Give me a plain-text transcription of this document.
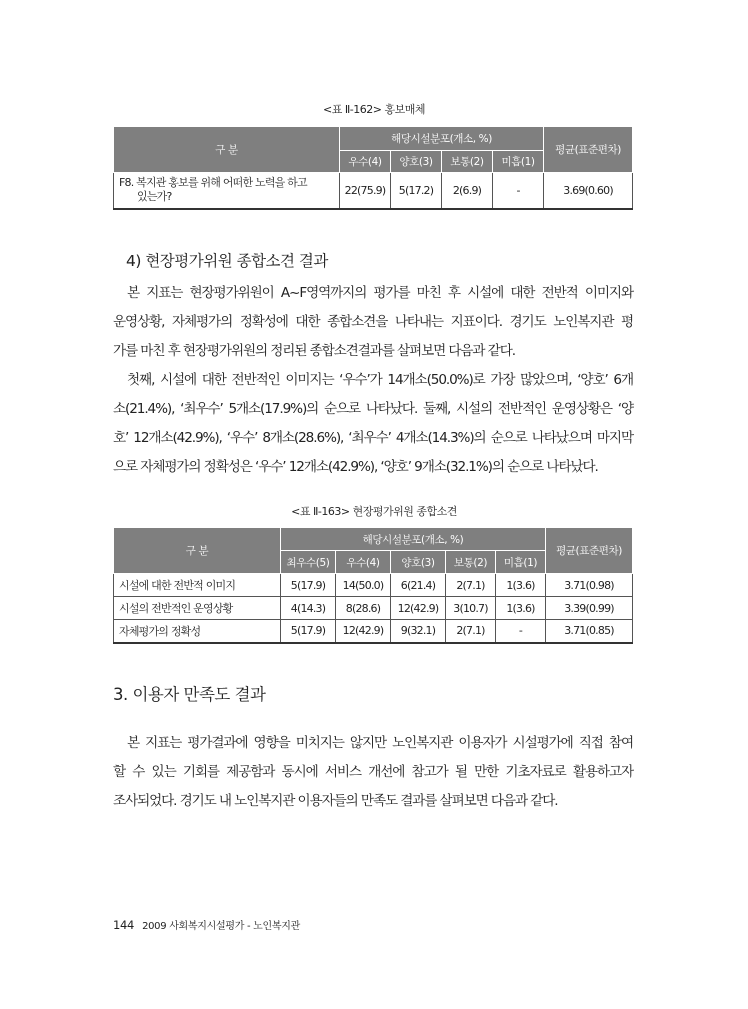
<표 Ⅱ-162> 홍보매체
구 분	해당시설분포(개소, %)				평균(표준편차)
	우수(4)	양호(3)	보통(2)	미흡(1)	
F8. 복지관 홍보를 위해 어떠한 노력을 하고
있는가?	22(75.9)	5(17.2)	2(6.9)	-	3.69(0.60)
4) 현장평가위원 종합소견 결과

본 지표는 현장평가위원이 A~F영역까지의 평가를 마친 후 시설에 대한 전반적 이미지와
운영상황, 자체평가의 정확성에 대한 종합소견을 나타내는 지표이다. 경기도 노인복지관 평
가를 마친 후 현장평가위원의 정리된 종합소견결과를 살펴보면 다음과 같다.
첫째, 시설에 대한 전반적인 이미지는 ‘우수’가 14개소(50.0%)로 가장 많았으며, ‘양호’ 6개
소(21.4%), ‘최우수’ 5개소(17.9%)의 순으로 나타났다. 둘째, 시설의 전반적인 운영상황은 ‘양
호’ 12개소(42.9%), ‘우수’ 8개소(28.6%), ‘최우수’ 4개소(14.3%)의 순으로 나타났으며 마지막
으로 자체평가의 정확성은 ‘우수’ 12개소(42.9%), ‘양호’ 9개소(32.1%)의 순으로 나타났다.

<표 Ⅱ-163> 현장평가위원 종합소견
구 분	해당시설분포(개소, %)					평균(표준편차)
	최우수(5)	우수(4)	양호(3)	보통(2)	미흡(1)	
시설에 대한 전반적 이미지	5(17.9)	14(50.0)	6(21.4)	2(7.1)	1(3.6)	3.71(0.98)
시설의 전반적인 운영상황	4(14.3)	8(28.6)	12(42.9)	3(10.7)	1(3.6)	3.39(0.99)
자체평가의 정확성	5(17.9)	12(42.9)	9(32.1)	2(7.1)	-	3.71(0.85)
3. 이용자 만족도 결과

본 지표는 평가결과에 영향을 미치지는 않지만 노인복지관 이용자가 시설평가에 직접 참여
할 수 있는 기회를 제공함과 동시에 서비스 개선에 참고가 될 만한 기초자료로 활용하고자
조사되었다. 경기도 내 노인복지관 이용자들의 만족도 결과를 살펴보면 다음과 같다.

144 2009 사회복지시설평가 - 노인복지관
